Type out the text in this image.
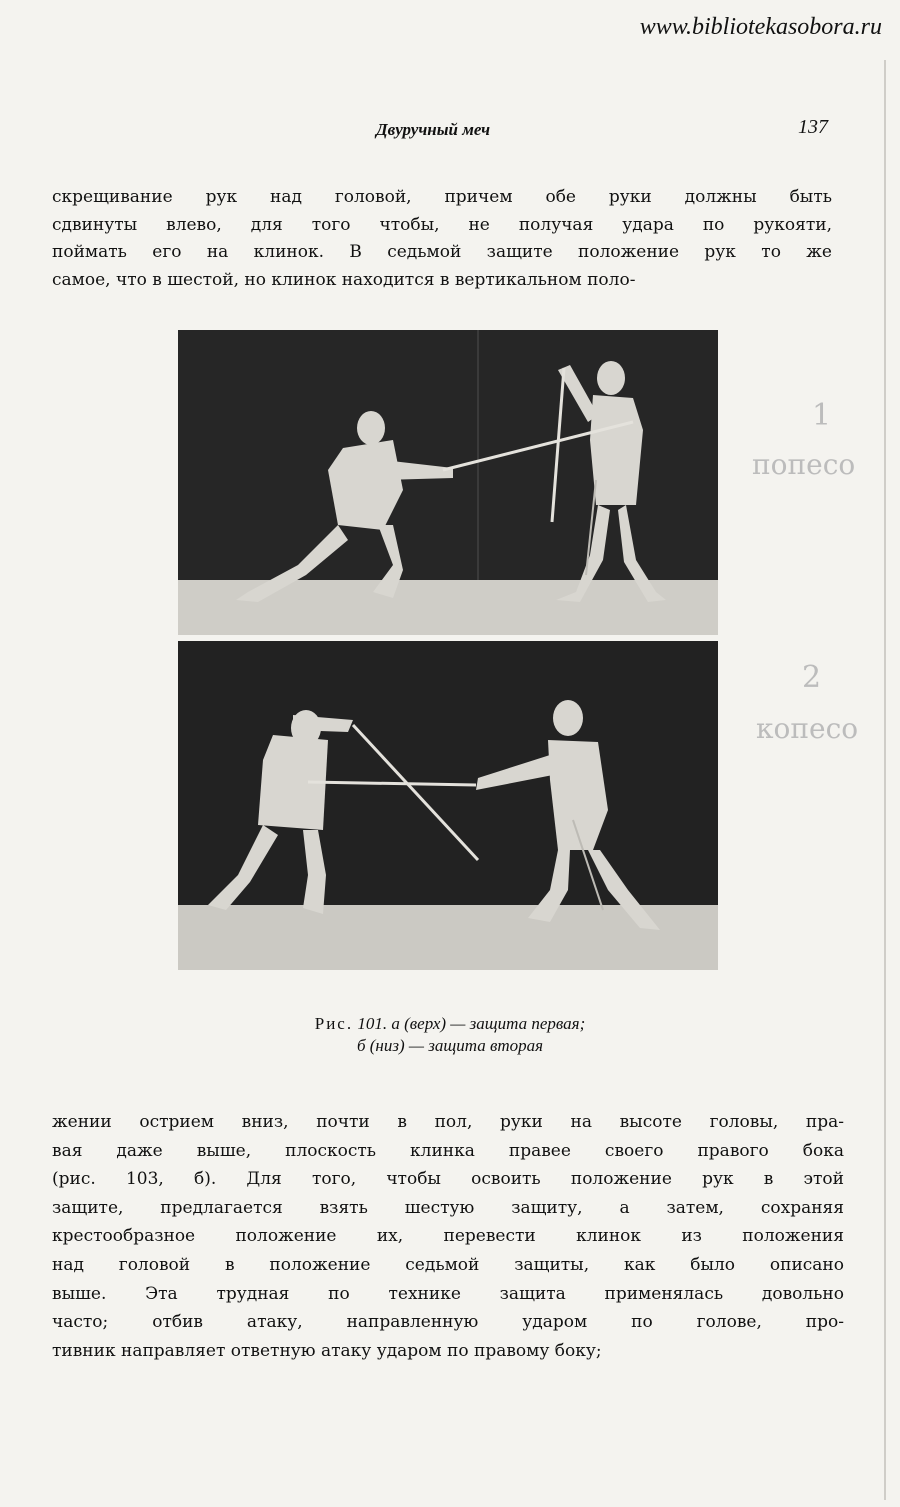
www.bibliotekasobora.ru
Двуручный меч	137
скрещивание рук над головой, причем обе руки должны быть
сдвинуты влево, для того чтобы, не получая удара по рукояти,
поймать его на клинок. В седьмой защите положение рук то же
самое, что в шестой, но клинок находится в вертикальном поло-
Рис. 101. а (верх) — защита первая;
б (низ) — защита вторая
жении острием вниз, почти в пол, руки на высоте головы, пра-
вая даже выше, плоскость клинка правее своего правого бока
(рис. 103, б). Для того, чтобы освоить положение рук в этой
защите, предлагается взять шестую защиту, а затем, сохраняя
крестообразное положение их, перевести клинок из положения
над головой в положение седьмой защиты, как было описано
выше. Эта трудная по технике защита применялась довольно
часто; отбив атаку, направленную ударом по голове, про-
тивник направляет ответную атаку ударом по правому боку;
1
попесо
2
копесо
